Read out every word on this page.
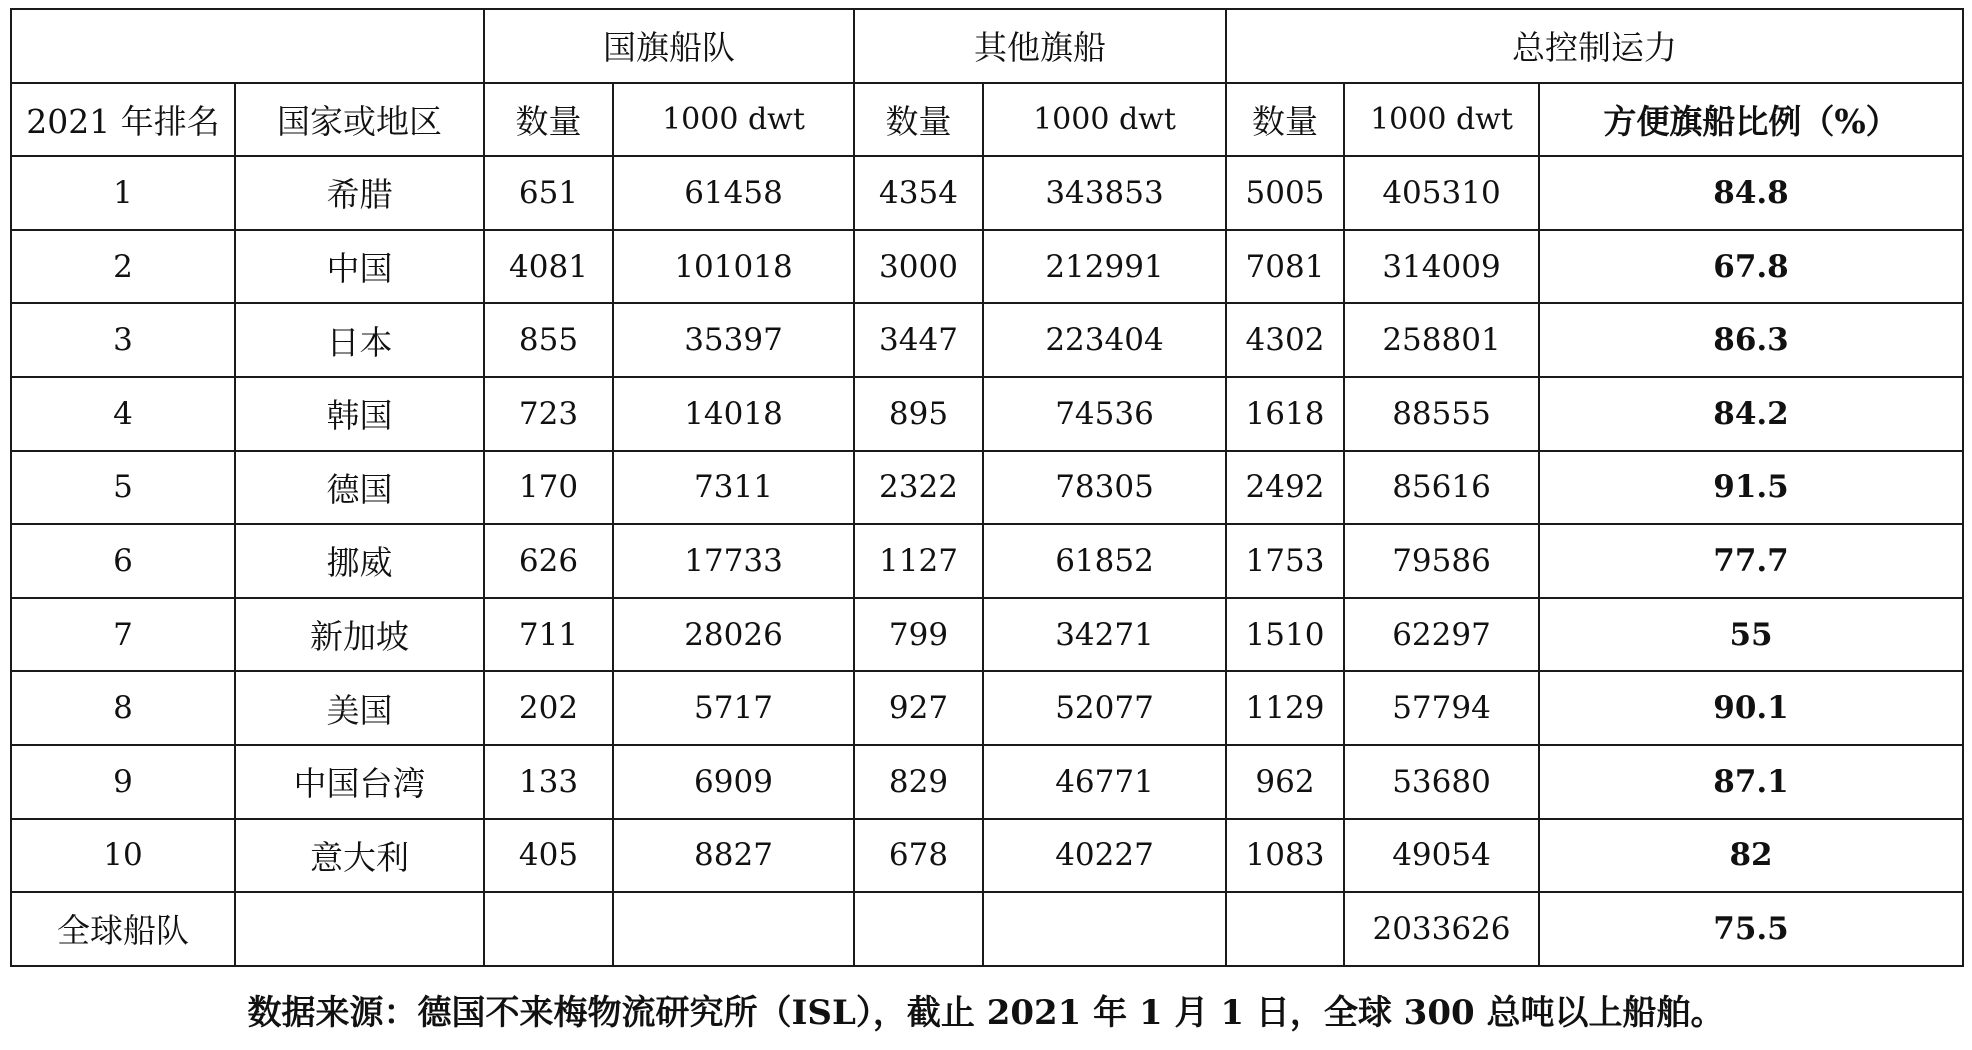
		国旗船队		其他旗船		总控制运力		
2021 年排名	国家或地区	数量	1000 dwt	数量	1000 dwt	数量	1000 dwt	方便旗船比例（%）
1	希腊	651	61458	4354	343853	5005	405310	84.8
2	中国	4081	101018	3000	212991	7081	314009	67.8
3	日本	855	35397	3447	223404	4302	258801	86.3
4	韩国	723	14018	895	74536	1618	88555	84.2
5	德国	170	7311	2322	78305	2492	85616	91.5
6	挪威	626	17733	1127	61852	1753	79586	77.7
7	新加坡	711	28026	799	34271	1510	62297	55
8	美国	202	5717	927	52077	1129	57794	90.1
9	中国台湾	133	6909	829	46771	962	53680	87.1
10	意大利	405	8827	678	40227	1083	49054	82
全球船队							2033626	75.5
数据来源：德国不来梅物流研究所（ISL），截止 2021 年 1 月 1 日，全球 300 总吨以上船舶。
